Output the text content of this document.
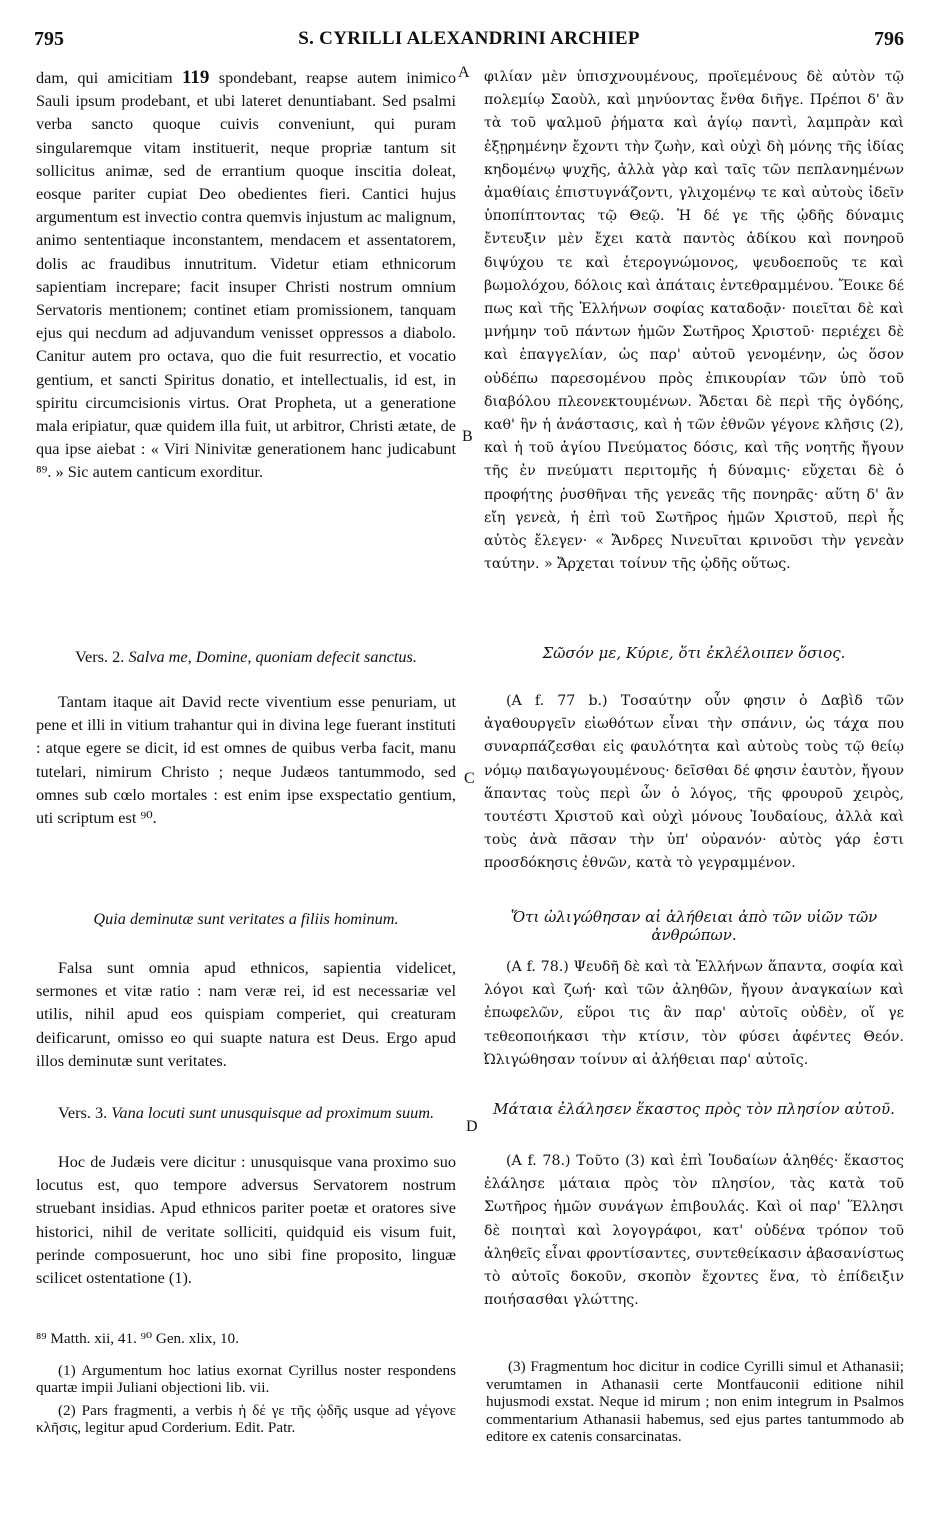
795	S. CYRILLI ALEXANDRINI ARCHIEP	796
A
B
C
D
dam, qui amicitiam 119 spondebant, reapse autem inimico Sauli ipsum prodebant, et ubi lateret denuntiabant. Sed psalmi verba sancto quoque cuivis conveniunt, qui puram singularemque vitam instituerit, neque propriæ tantum sit sollicitus animæ, sed de errantium quoque inscitia doleat, eosque pariter cupiat Deo obedientes fieri. Cantici hujus argumentum est invectio contra quemvis injustum ac malignum, animo sententiaque inconstantem, mendacem et assentatorem, dolis ac fraudibus innutritum. Videtur etiam ethnicorum sapientiam increpare; facit insuper Christi nostrum omnium Servatoris mentionem; continet etiam promissionem, tanquam ejus qui necdum ad adjuvandum venisset oppressos a diabolo. Canitur autem pro octava, quo die fuit resurrectio, et vocatio gentium, et sancti Spiritus donatio, et intellectualis, id est, in spiritu circumcisionis virtus. Orat Propheta, ut a generatione mala eripiatur, quæ quidem illa fuit, ut arbitror, Christi ætate, de qua ipse aiebat : « Viri Ninivitæ generationem hanc judicabunt ⁸⁹. » Sic autem canticum exorditur.
Vers. 2. Salva me, Domine, quoniam defecit sanctus.
Tantam itaque ait David recte viventium esse penuriam, ut pene et illi in vitium trahantur qui in divina lege fuerant instituti : atque egere se dicit, id est omnes de quibus verba facit, manu tutelari, nimirum Christo ; neque Judæos tantummodo, sed omnes sub cœlo mortales : est enim ipse exspectatio gentium, uti scriptum est ⁹⁰.
Quia deminutæ sunt veritates a filiis hominum.
Falsa sunt omnia apud ethnicos, sapientia videlicet, sermones et vitæ ratio : nam veræ rei, id est necessariæ vel utilis, nihil apud eos quispiam comperiet, qui creaturam deificarunt, omisso eo qui suapte natura est Deus. Ergo apud illos deminutæ sunt veritates.
Vers. 3. Vana locuti sunt unusquisque ad proximum suum.
Hoc de Judæis vere dicitur : unusquisque vana proximo suo locutus est, quo tempore adversus Servatorem nostrum struebant insidias. Apud ethnicos pariter poetæ et oratores sive historici, nihil de veritate solliciti, quidquid eis visum fuit, perinde composuerunt, hoc uno sibi fine proposito, linguæ scilicet ostentatione (1).
φιλίαν μὲν ὑπισχνουμένους, προϊεμένους δὲ αὐτὸν τῷ πολεμίῳ Σαοὺλ, καὶ μηνύοντας ἔνθα διῆγε. Πρέποι δ' ἂν τὰ τοῦ ψαλμοῦ ῥήματα καὶ ἁγίῳ παντὶ, λαμπρὰν καὶ ἐξῃρημένην ἔχοντι τὴν ζωὴν, καὶ οὐχὶ δὴ μόνης τῆς ἰδίας κηδομένῳ ψυχῆς, ἀλλὰ γὰρ καὶ ταῖς τῶν πεπλανημένων ἀμαθίαις ἐπιστυγνάζοντι, γλιχομένῳ τε καὶ αὐτοὺς ἰδεῖν ὑποπίπτοντας τῷ Θεῷ. Ἡ δέ γε τῆς ᾠδῆς δύναμις ἔντευξιν μὲν ἔχει κατὰ παντὸς ἀδίκου καὶ πονηροῦ διψύχου τε καὶ ἑτερογνώμονος, ψευδοεποῦς τε καὶ βωμολόχου, δόλοις καὶ ἀπάταις ἐντεθραμμένου. Ἔοικε δέ πως καὶ τῆς Ἑλλήνων σοφίας καταδοᾷν· ποιεῖται δὲ καὶ μνήμην τοῦ πάντων ἡμῶν Σωτῆρος Χριστοῦ· περιέχει δὲ καὶ ἐπαγγελίαν, ὡς παρ' αὐτοῦ γενομένην, ὡς ὅσον οὐδέπω παρεσομένου πρὸς ἐπικουρίαν τῶν ὑπὸ τοῦ διαβόλου πλεονεκτουμένων. Ἄδεται δὲ περὶ τῆς ὀγδόης, καθ' ἣν ἡ ἀνάστασις, καὶ ἡ τῶν ἐθνῶν γέγονε κλῆσις (2), καὶ ἡ τοῦ ἁγίου Πνεύματος δόσις, καὶ τῆς νοητῆς ἤγουν τῆς ἐν πνεύματι περιτομῆς ἡ δύναμις· εὔχεται δὲ ὁ προφήτης ῥυσθῆναι τῆς γενεᾶς τῆς πονηρᾶς· αὕτη δ' ἂν εἴη γενεὰ, ἡ ἐπὶ τοῦ Σωτῆρος ἡμῶν Χριστοῦ, περὶ ἧς αὐτὸς ἔλεγεν· « Ἄνδρες Νινευῖται κρινοῦσι τὴν γενεὰν ταύτην. » Ἄρχεται τοίνυν τῆς ᾠδῆς οὕτως.
Σῶσόν με, Κύριε, ὅτι ἐκλέλοιπεν ὅσιος.
(A f. 77 b.) Τοσαύτην οὖν φησιν ὁ Δαβὶδ τῶν ἀγαθουργεῖν εἰωθότων εἶναι τὴν σπάνιν, ὡς τάχα που συναρπάζεσθαι εἰς φαυλότητα καὶ αὐτοὺς τοὺς τῷ θείῳ νόμῳ παιδαγωγουμένους· δεῖσθαι δέ φησιν ἑαυτὸν, ἤγουν ἅπαντας τοὺς περὶ ὧν ὁ λόγος, τῆς φρουροῦ χειρὸς, τουτέστι Χριστοῦ καὶ οὐχὶ μόνους Ἰουδαίους, ἀλλὰ καὶ τοὺς ἀνὰ πᾶσαν τὴν ὑπ' οὐρανόν· αὐτὸς γάρ ἐστι προσδόκησις ἐθνῶν, κατὰ τὸ γεγραμμένον.
Ὅτι ὠλιγώθησαν αἱ ἀλήθειαι ἀπὸ τῶν υἱῶν τῶν ἀνθρώπων.
(A f. 78.) Ψευδῆ δὲ καὶ τὰ Ἑλλήνων ἅπαντα, σοφία καὶ λόγοι καὶ ζωή· καὶ τῶν ἀληθῶν, ἤγουν ἀναγκαίων καὶ ἐπωφελῶν, εὕροι τις ἂν παρ' αὐτοῖς οὐδὲν, οἵ γε τεθεοποιήκασι τὴν κτίσιν, τὸν φύσει ἀφέντες Θεόν. Ὠλιγώθησαν τοίνυν αἱ ἀλήθειαι παρ' αὐτοῖς.
Μάταια ἐλάλησεν ἕκαστος πρὸς τὸν πλησίον αὐτοῦ.
(A f. 78.) Τοῦτο (3) καὶ ἐπὶ Ἰουδαίων ἀληθές· ἕκαστος ἐλάλησε μάταια πρὸς τὸν πλησίον, τὰς κατὰ τοῦ Σωτῆρος ἡμῶν συνάγων ἐπιβουλάς. Καὶ οἱ παρ' Ἕλλησι δὲ ποιηταὶ καὶ λογογράφοι, κατ' οὐδένα τρόπον τοῦ ἀληθεῖς εἶναι φροντίσαντες, συντεθείκασιν ἀβασανίστως τὸ αὐτοῖς δοκοῦν, σκοπὸν ἔχοντες ἕνα, τὸ ἐπίδειξιν ποιήσασθαι γλώττης.

⁸⁹ Matth. xii, 41. ⁹⁰ Gen. xlix, 10.

(1) Argumentum hoc latius exornat Cyrillus noster respondens quartæ impii Juliani objectioni lib. vii.

(2) Pars fragmenti, a verbis ἡ δέ γε τῆς ᾠδῆς usque ad γέγονε κλῆσις, legitur apud Corderium. Edit. Patr.

(3) Fragmentum hoc dicitur in codice Cyrilli simul et Athanasii; verumtamen in Athanasii certe Montfauconii editione nihil hujusmodi exstat. Neque id mirum ; non enim integrum in Psalmos commentarium Athanasii habemus, sed ejus partes tantummodo ab editore ex catenis consarcinatas.
